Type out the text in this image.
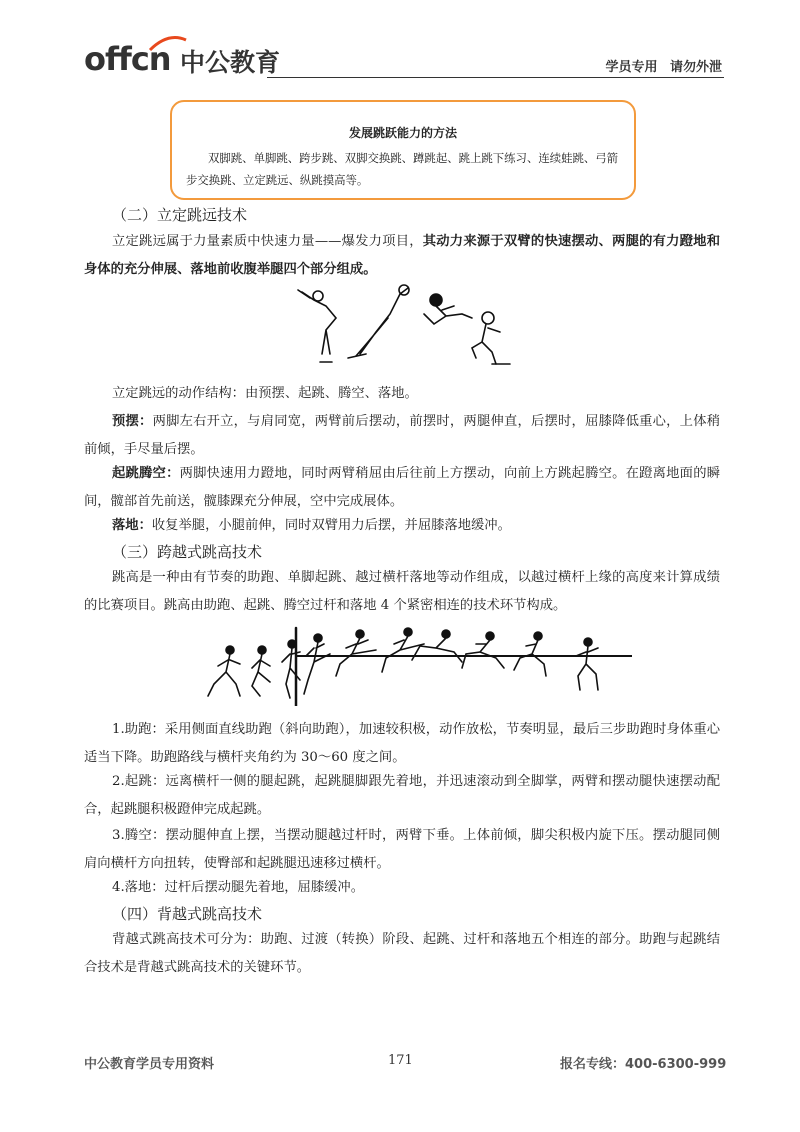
offcn 中公教育	学员专用 请勿外泄
发展跳跃能力的方法
双脚跳、单脚跳、跨步跳、双脚交换跳、蹲跳起、跳上跳下练习、连续蛙跳、弓箭步交换跳、立定跳远、纵跳摸高等。
（二）立定跳远技术
立定跳远属于力量素质中快速力量——爆发力项目，其动力来源于双臂的快速摆动、两腿的有力蹬地和身体的充分伸展、落地前收腹举腿四个部分组成。
立定跳远的动作结构：由预摆、起跳、腾空、落地。
预摆：两脚左右开立，与肩同宽，两臂前后摆动，前摆时，两腿伸直，后摆时，屈膝降低重心，上体稍前倾，手尽量后摆。
起跳腾空：两脚快速用力蹬地，同时两臂稍屈由后往前上方摆动，向前上方跳起腾空。在蹬离地面的瞬间，髋部首先前送，髋膝踝充分伸展，空中完成展体。
落地：收复举腿，小腿前伸，同时双臂用力后摆，并屈膝落地缓冲。
（三）跨越式跳高技术
跳高是一种由有节奏的助跑、单脚起跳、越过横杆落地等动作组成，以越过横杆上缘的高度来计算成绩的比赛项目。跳高由助跑、起跳、腾空过杆和落地 4 个紧密相连的技术环节构成。
1.助跑：采用侧面直线助跑（斜向助跑），加速较积极，动作放松，节奏明显，最后三步助跑时身体重心适当下降。助跑路线与横杆夹角约为 30～60 度之间。
2.起跳：远离横杆一侧的腿起跳，起跳腿脚跟先着地，并迅速滚动到全脚掌，两臂和摆动腿快速摆动配合，起跳腿积极蹬伸完成起跳。
3.腾空：摆动腿伸直上摆，当摆动腿越过杆时，两臂下垂。上体前倾，脚尖积极内旋下压。摆动腿同侧肩向横杆方向扭转，使臀部和起跳腿迅速移过横杆。
4.落地：过杆后摆动腿先着地，屈膝缓冲。
（四）背越式跳高技术
背越式跳高技术可分为：助跑、过渡（转换）阶段、起跳、过杆和落地五个相连的部分。助跑与起跳结合技术是背越式跳高技术的关键环节。
中公教育学员专用资料	171	报名专线：400-6300-999
